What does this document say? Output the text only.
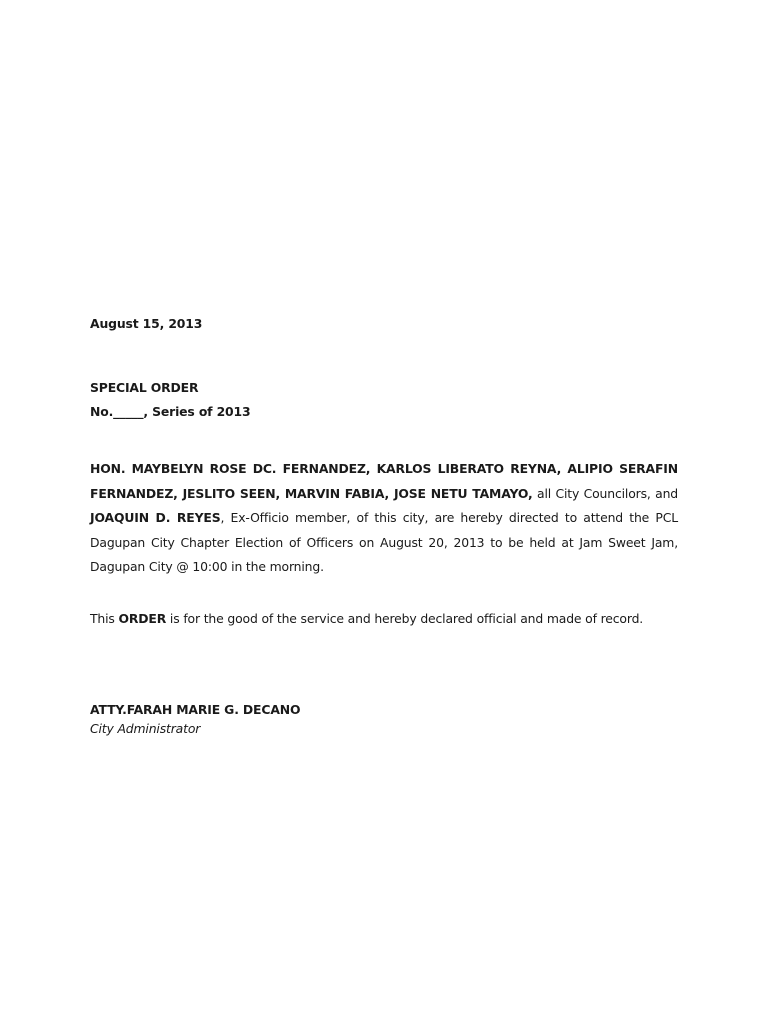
August 15, 2013
SPECIAL ORDER
No._____, Series of 2013
HON. MAYBELYN ROSE DC. FERNANDEZ, KARLOS LIBERATO REYNA, ALIPIO SERAFIN
FERNANDEZ, JESLITO SEEN, MARVIN FABIA, JOSE NETU TAMAYO, all City Councilors, and
JOAQUIN D. REYES, Ex-Officio member, of this city, are hereby directed to attend the PCL
Dagupan City Chapter Election of Officers on August 20, 2013 to be held at Jam Sweet Jam,
Dagupan City @ 10:00 in the morning.
This ORDER is for the good of the service and hereby declared official and made of record.
ATTY.FARAH MARIE G. DECANO
City Administrator
